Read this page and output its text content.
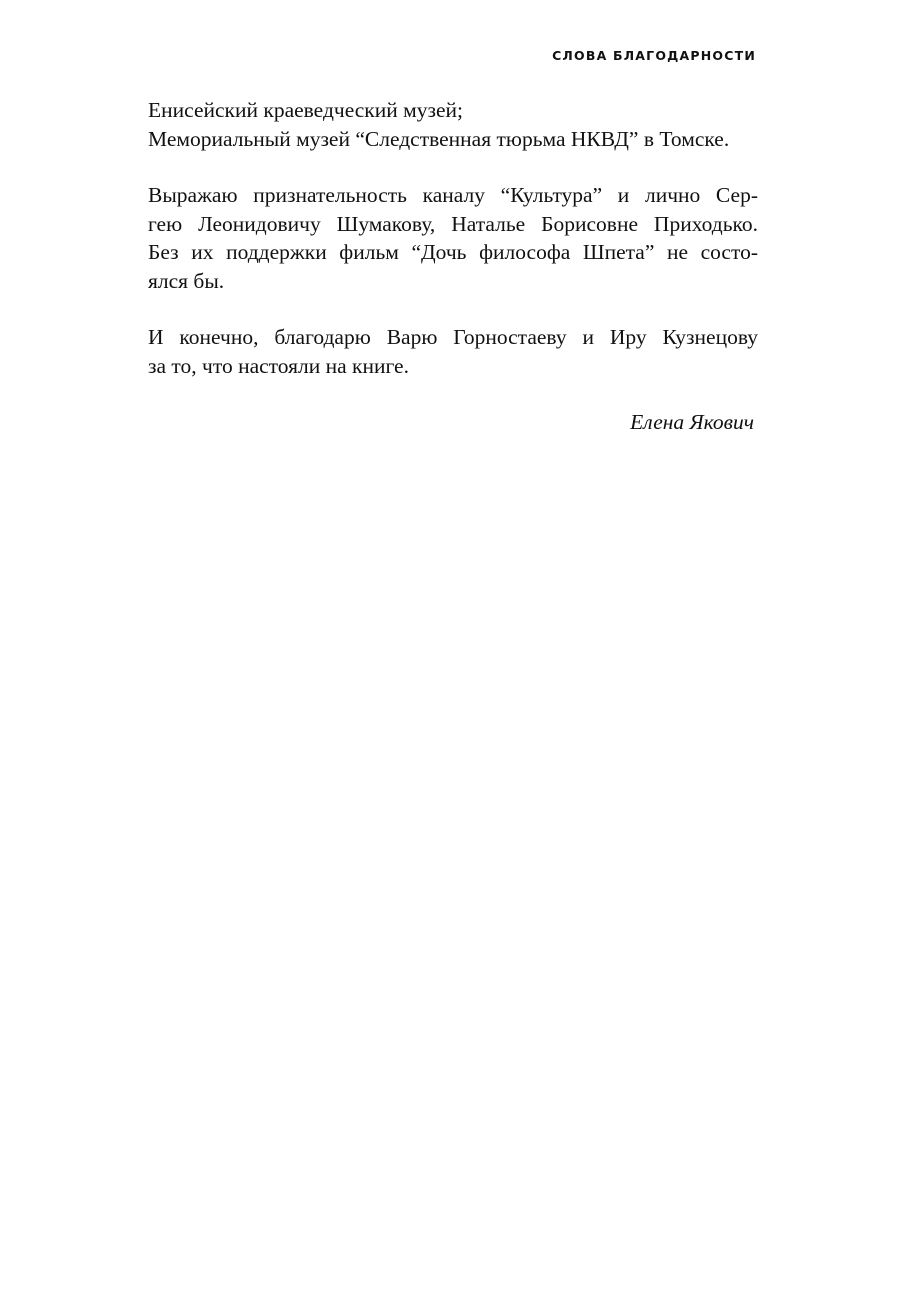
СЛОВА БЛАГОДАРНОСТИ
Енисейский краеведческий музей;
Мемориальный музей “Следственная тюрьма НКВД” в Томске.
Выражаю признательность каналу “Культура” и лично Сер-
гею Леонидовичу Шумакову, Наталье Борисовне Приходько.
Без их поддержки фильм “Дочь философа Шпета” не состо-
ялся бы.
И конечно, благодарю Варю Горностаеву и Иру Кузнецову
за то, что настояли на книге.
Елена Якович
